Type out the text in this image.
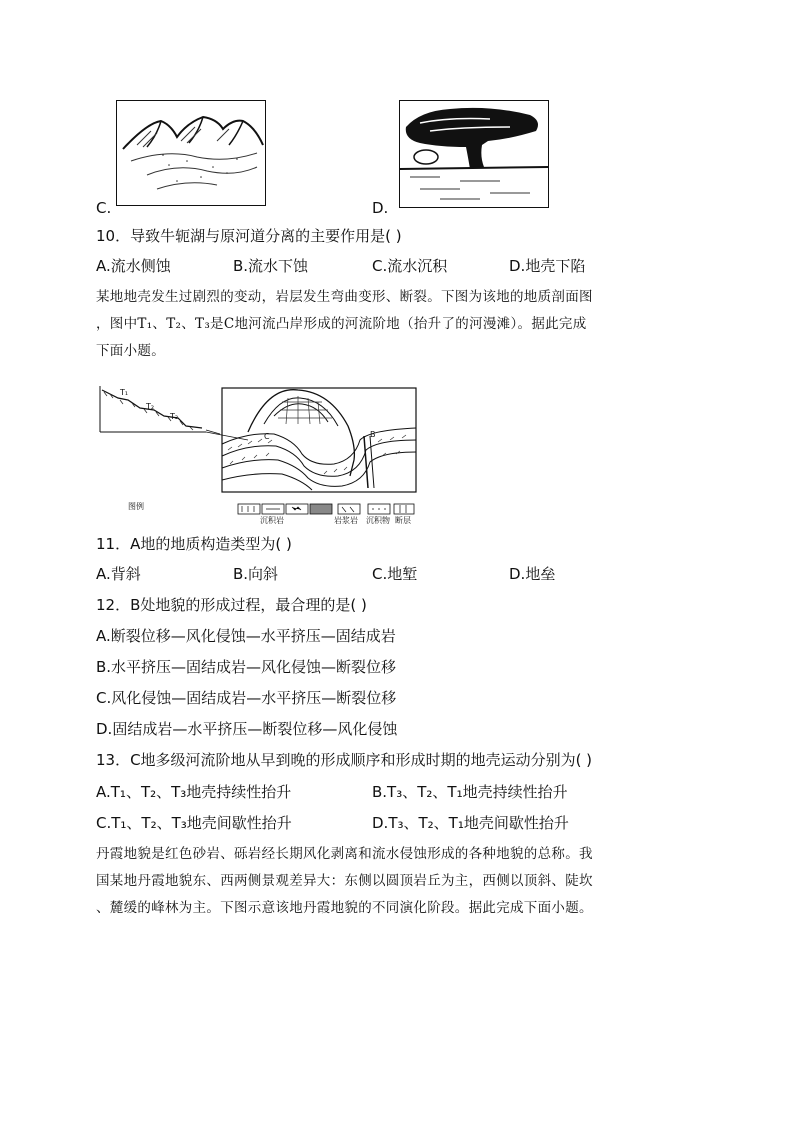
C.	D.
10．导致牛轭湖与原河道分离的主要作用是( )
A.流水侧蚀	B.流水下蚀	C.流水沉积	D.地壳下陷
某地地壳发生过剧烈的变动，岩层发生弯曲变形、断裂。下图为该地的地质剖面图
，图中T₁、T₂、T₃是C地河流凸岸形成的河流阶地（抬升了的河漫滩）。据此完成
下面小题。
图例
沉积岩	岩浆岩 沉积物 断层
T₁
T₂
T₃
C	B
11．A地的地质构造类型为( )
A.背斜	B.向斜	C.地堑	D.地垒
12．B处地貌的形成过程，最合理的是( )
A.断裂位移—风化侵蚀—水平挤压—固结成岩
B.水平挤压—固结成岩—风化侵蚀—断裂位移
C.风化侵蚀—固结成岩—水平挤压—断裂位移
D.固结成岩—水平挤压—断裂位移—风化侵蚀
13．C地多级河流阶地从早到晚的形成顺序和形成时期的地壳运动分别为( )
A.T₁、T₂、T₃地壳持续性抬升	B.T₃、T₂、T₁地壳持续性抬升
C.T₁、T₂、T₃地壳间歇性抬升	D.T₃、T₂、T₁地壳间歇性抬升
丹霞地貌是红色砂岩、砾岩经长期风化剥离和流水侵蚀形成的各种地貌的总称。我
国某地丹霞地貌东、西两侧景观差异大：东侧以圆顶岩丘为主，西侧以顶斜、陡坎
、麓缓的峰林为主。下图示意该地丹霞地貌的不同演化阶段。据此完成下面小题。
